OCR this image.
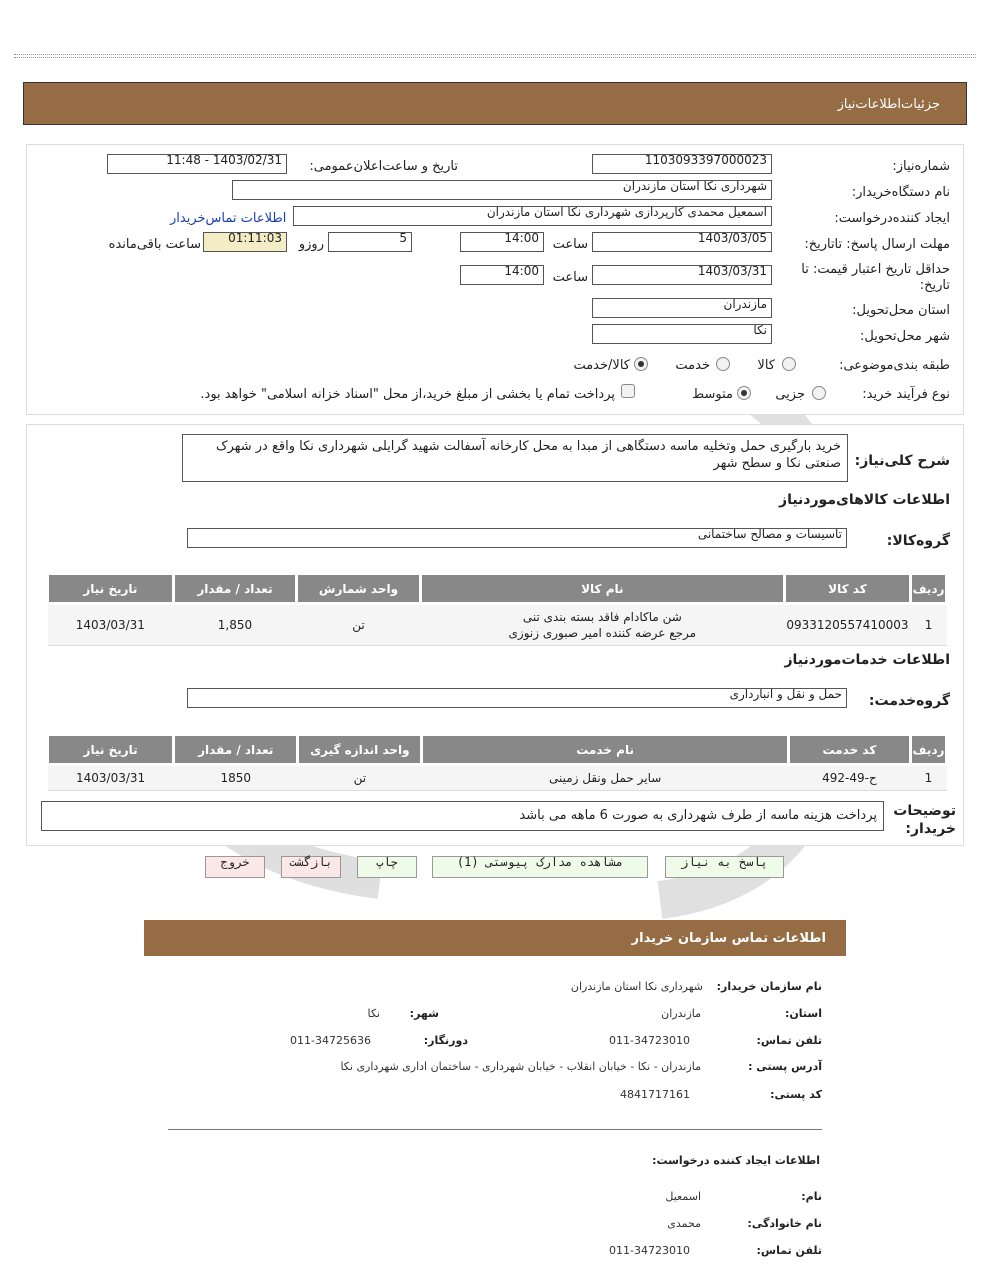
جزئیات‌اطلاعات‌نیاز
شماره‌نیاز:
1103093397000023
تاریخ و ساعت‌اعلان‌عمومی:
1403/02/31 - 11:48
نام دستگاه‌خریدار:
شهرداری نکا استان مازندران
ایجاد کننده‌درخواست:
اسمعیل محمدی کارپردازی شهرداری نکا استان مازندران
اطلاعات تماس‌خریدار
مهلت ارسال پاسخ: تاتاریخ:
1403/03/05
ساعت
14:00
5
روزو
01:11:03
ساعت باقی‌مانده
حداقل تاریخ اعتبار قیمت: تا تاریخ:
1403/03/31
ساعت
14:00
استان محل‌تحویل:
مازندران
شهر محل‌تحویل:
نکا
طبقه بندی‌موضوعی:
کالا
خدمت
کالا/خدمت
نوع فرآیند خرید:
جزیی
متوسط
پرداخت تمام یا بخشی از مبلغ خرید،از محل "اسناد خزانه اسلامی" خواهد بود.
شرح کلی‌نیاز:
خرید بارگیری حمل وتخلیه ماسه دستگاهی از مبدا به محل کارخانه آسفالت شهید گرایلی شهرداری نکا واقع در شهرک صنعتی نکا و سطح شهر
اطلاعات کالاهای‌مورد‌نیاز
گروه‌کالا:
تاسیسات و مصالح ساختمانی
ردیف	کد کالا	نام کالا	واحد شمارش	تعداد / مقدار	تاریخ نیاز
1	0933120557410003	شن ماکادام فاقد بسته بندی تنی
مرجع عرضه کننده امیر صبوری زنوزی	تن	1,850	1403/03/31
اطلاعات خدمات‌مورد‌نیاز
گروه‌خدمت:
حمل و نقل و انبارداری
ردیف	کد خدمت	نام خدمت	واحد اندازه گیری	تعداد / مقدار	تاریخ نیاز
1	ح-49-492	سایر حمل ونقل زمینی	تن	1850	1403/03/31
توضیحات خریدار:
پرداخت هزینه ماسه از طرف شهرداری به صورت 6 ماهه می باشد
پاسخ به نیاز
مشاهده مدارک پیوستی (1)
چاپ
بازگشت
خروج
اطلاعات تماس سازمان خریدار
نام سازمان خریدار:
شهرداری نکا استان مازندران
استان:
مازندران
شهر:
نکا
تلفن تماس:
011-34723010
دورنگار:
011-34725636
آدرس پستی :
مازندران - نکا - خیابان انقلاب - خیابان شهرداری - ساختمان اداری شهرداری نکا
کد پستی:
4841717161
اطلاعات ایجاد کننده درخواست:
نام:
اسمعیل
نام خانوادگی:
محمدی
تلفن تماس:
011-34723010
